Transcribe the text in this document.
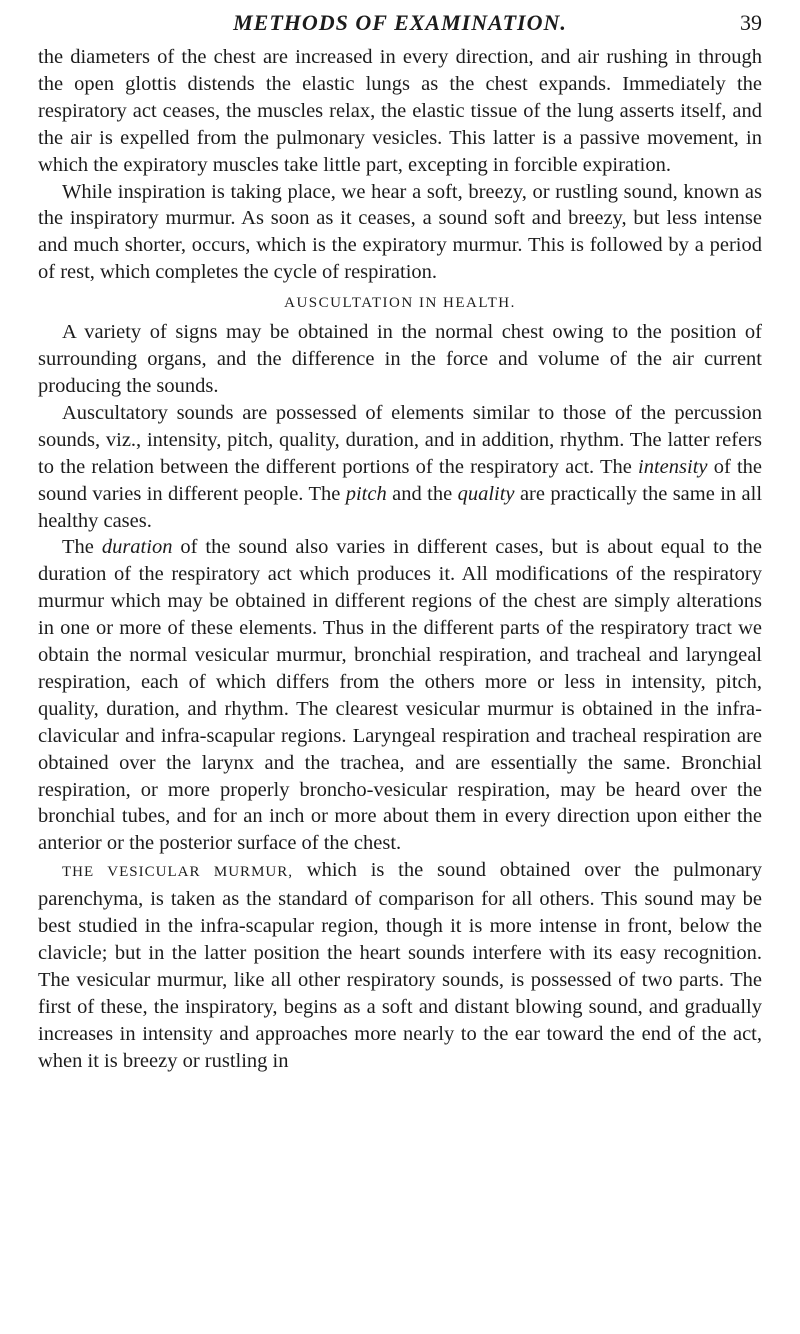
METHODS OF EXAMINATION.	39

the diameters of the chest are increased in every direction, and air rushing in through the open glottis distends the elastic lungs as the chest expands. Immediately the respiratory act ceases, the muscles relax, the elastic tissue of the lung asserts itself, and the air is expelled from the pulmonary vesicles. This latter is a passive movement, in which the expiratory muscles take little part, excepting in forcible expiration.

While inspiration is taking place, we hear a soft, breezy, or rustling sound, known as the inspiratory murmur. As soon as it ceases, a sound soft and breezy, but less intense and much shorter, occurs, which is the expiratory murmur. This is followed by a period of rest, which completes the cycle of respiration.

AUSCULTATION IN HEALTH.

A variety of signs may be obtained in the normal chest owing to the position of surrounding organs, and the difference in the force and volume of the air current producing the sounds.

Auscultatory sounds are possessed of elements similar to those of the percussion sounds, viz., intensity, pitch, quality, duration, and in addition, rhythm. The latter refers to the relation between the different portions of the respiratory act. The intensity of the sound varies in different people. The pitch and the quality are practically the same in all healthy cases.

The duration of the sound also varies in different cases, but is about equal to the duration of the respiratory act which produces it. All modifications of the respiratory murmur which may be obtained in different regions of the chest are simply alterations in one or more of these elements. Thus in the different parts of the respiratory tract we obtain the normal vesicular murmur, bronchial respiration, and tracheal and laryngeal respiration, each of which differs from the others more or less in intensity, pitch, quality, duration, and rhythm. The clearest vesicular murmur is obtained in the infra-clavicular and infra-scapular regions. Laryngeal respiration and tracheal respiration are obtained over the larynx and the trachea, and are essentially the same. Bronchial respiration, or more properly broncho-vesicular respiration, may be heard over the bronchial tubes, and for an inch or more about them in every direction upon either the anterior or the posterior surface of the chest.

THE VESICULAR MURMUR, which is the sound obtained over the pulmonary parenchyma, is taken as the standard of comparison for all others. This sound may be best studied in the infra-scapular region, though it is more intense in front, below the clavicle; but in the latter position the heart sounds interfere with its easy recognition. The vesicular murmur, like all other respiratory sounds, is possessed of two parts. The first of these, the inspiratory, begins as a soft and distant blowing sound, and gradually increases in intensity and approaches more nearly to the ear toward the end of the act, when it is breezy or rustling in
